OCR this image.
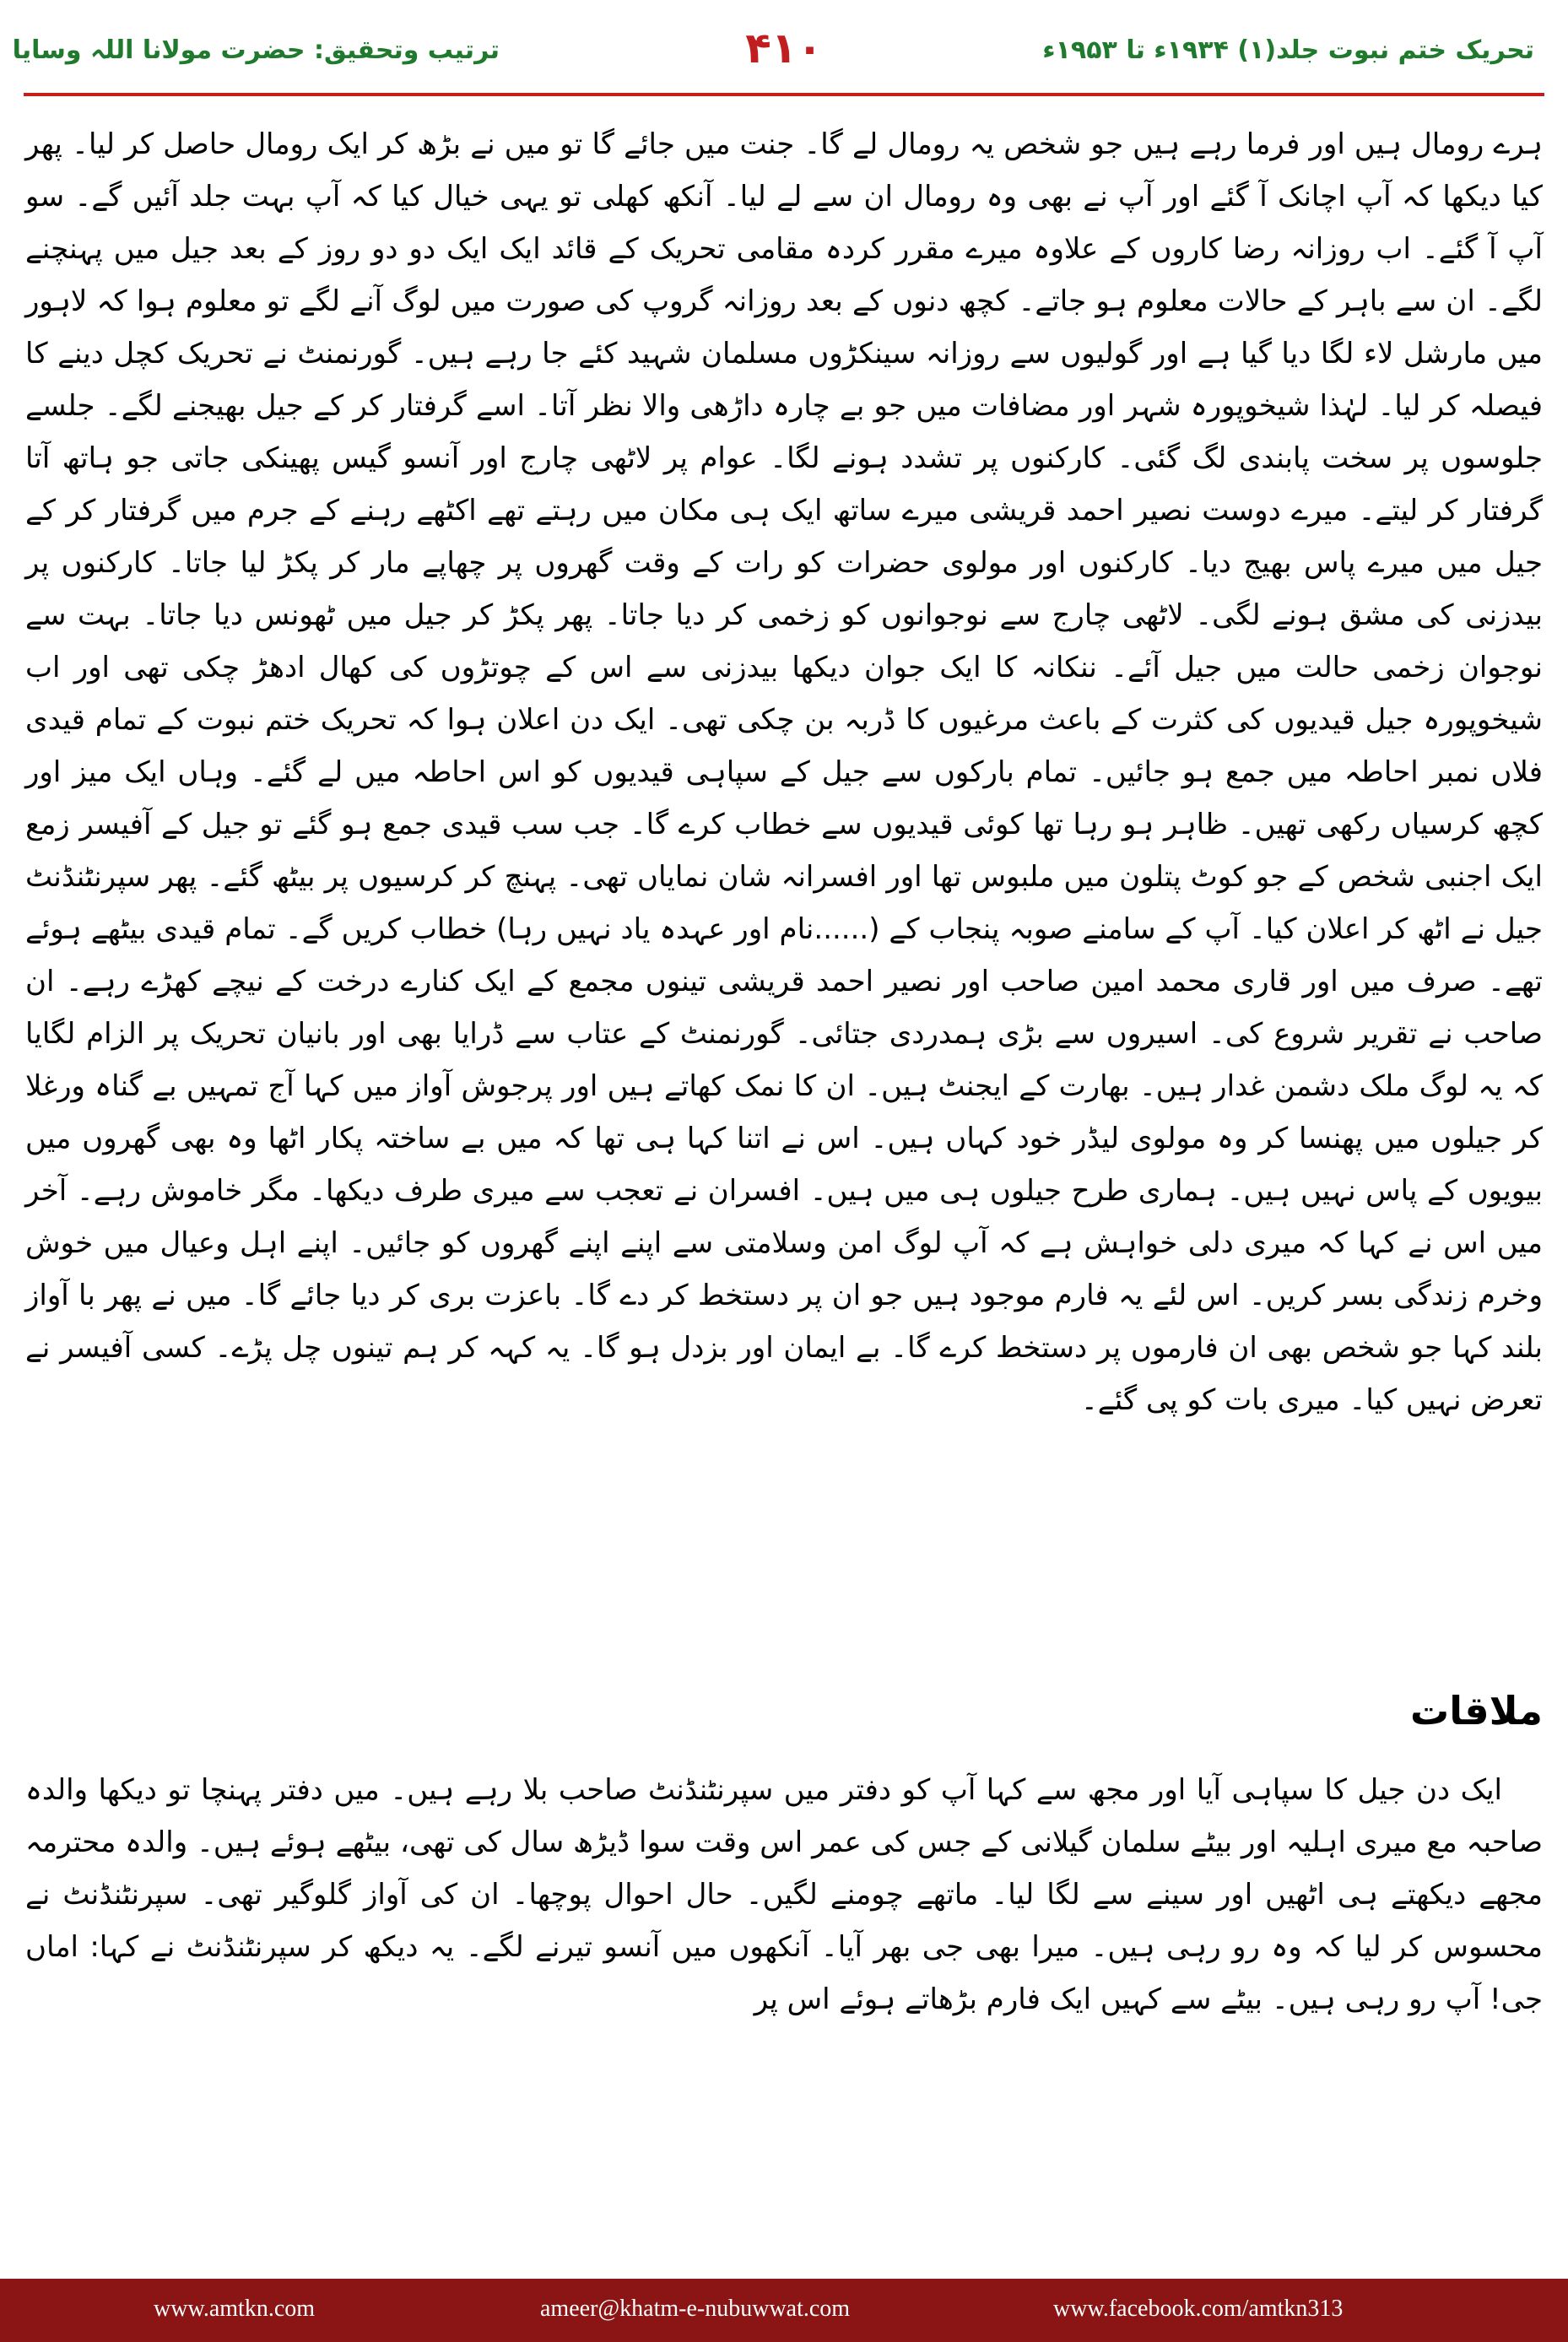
ترتیب وتحقیق: حضرت مولانا اللہ وسایا	۴۱۰	تحریک ختم نبوت جلد(۱) ۱۹۳۴ء تا ۱۹۵۳ء

ہرے رومال ہیں اور فرما رہے ہیں جو شخص یہ رومال لے گا۔ جنت میں جائے گا تو میں نے بڑھ کر ایک رومال حاصل کر لیا۔ پھر کیا دیکھا کہ آپ اچانک آ گئے اور آپ نے بھی وہ رومال ان سے لے لیا۔ آنکھ کھلی تو یہی خیال کیا کہ آپ بہت جلد آئیں گے۔ سو آپ آ گئے۔ اب روزانہ رضا کاروں کے علاوہ میرے مقرر کردہ مقامی تحریک کے قائد ایک ایک دو دو روز کے بعد جیل میں پہنچنے لگے۔ ان سے باہر کے حالات معلوم ہو جاتے۔ کچھ دنوں کے بعد روزانہ گروپ کی صورت میں لوگ آنے لگے تو معلوم ہوا کہ لاہور میں مارشل لاء لگا دیا گیا ہے اور گولیوں سے روزانہ سینکڑوں مسلمان شہید کئے جا رہے ہیں۔ گورنمنٹ نے تحریک کچل دینے کا فیصلہ کر لیا۔ لہٰذا شیخوپورہ شہر اور مضافات میں جو بے چارہ داڑھی والا نظر آتا۔ اسے گرفتار کر کے جیل بھیجنے لگے۔ جلسے جلوسوں پر سخت پابندی لگ گئی۔ کارکنوں پر تشدد ہونے لگا۔ عوام پر لاٹھی چارج اور آنسو گیس پھینکی جاتی جو ہاتھ آتا گرفتار کر لیتے۔ میرے دوست نصیر احمد قریشی میرے ساتھ ایک ہی مکان میں رہتے تھے اکٹھے رہنے کے جرم میں گرفتار کر کے جیل میں میرے پاس بھیج دیا۔ کارکنوں اور مولوی حضرات کو رات کے وقت گھروں پر چھاپے مار کر پکڑ لیا جاتا۔ کارکنوں پر بیدزنی کی مشق ہونے لگی۔ لاٹھی چارج سے نوجوانوں کو زخمی کر دیا جاتا۔ پھر پکڑ کر جیل میں ٹھونس دیا جاتا۔ بہت سے نوجوان زخمی حالت میں جیل آئے۔ ننکانہ کا ایک جوان دیکھا بیدزنی سے اس کے چوتڑوں کی کھال ادھڑ چکی تھی اور اب شیخوپورہ جیل قیدیوں کی کثرت کے باعث مرغیوں کا ڈربہ بن چکی تھی۔ ایک دن اعلان ہوا کہ تحریک ختم نبوت کے تمام قیدی فلاں نمبر احاطہ میں جمع ہو جائیں۔ تمام بارکوں سے جیل کے سپاہی قیدیوں کو اس احاطہ میں لے گئے۔ وہاں ایک میز اور کچھ کرسیاں رکھی تھیں۔ ظاہر ہو رہا تھا کوئی قیدیوں سے خطاب کرے گا۔ جب سب قیدی جمع ہو گئے تو جیل کے آفیسر زمع ایک اجنبی شخص کے جو کوٹ پتلون میں ملبوس تھا اور افسرانہ شان نمایاں تھی۔ پہنچ کر کرسیوں پر بیٹھ گئے۔ پھر سپرنٹنڈنٹ جیل نے اٹھ کر اعلان کیا۔ آپ کے سامنے صوبہ پنجاب کے (......نام اور عہدہ یاد نہیں رہا) خطاب کریں گے۔ تمام قیدی بیٹھے ہوئے تھے۔ صرف میں اور قاری محمد امین صاحب اور نصیر احمد قریشی تینوں مجمع کے ایک کنارے درخت کے نیچے کھڑے رہے۔ ان صاحب نے تقریر شروع کی۔ اسیروں سے بڑی ہمدردی جتائی۔ گورنمنٹ کے عتاب سے ڈرایا بھی اور بانیان تحریک پر الزام لگایا کہ یہ لوگ ملک دشمن غدار ہیں۔ بھارت کے ایجنٹ ہیں۔ ان کا نمک کھاتے ہیں اور پرجوش آواز میں کہا آج تمہیں بے گناہ ورغلا کر جیلوں میں پھنسا کر وہ مولوی لیڈر خود کہاں ہیں۔ اس نے اتنا کہا ہی تھا کہ میں بے ساختہ پکار اٹھا وہ بھی گھروں میں بیویوں کے پاس نہیں ہیں۔ ہماری طرح جیلوں ہی میں ہیں۔ افسران نے تعجب سے میری طرف دیکھا۔ مگر خاموش رہے۔ آخر میں اس نے کہا کہ میری دلی خواہش ہے کہ آپ لوگ امن وسلامتی سے اپنے اپنے گھروں کو جائیں۔ اپنے اہل وعیال میں خوش وخرم زندگی بسر کریں۔ اس لئے یہ فارم موجود ہیں جو ان پر دستخط کر دے گا۔ باعزت بری کر دیا جائے گا۔ میں نے پھر با آواز بلند کہا جو شخص بھی ان فارموں پر دستخط کرے گا۔ بے ایمان اور بزدل ہو گا۔ یہ کہہ کر ہم تینوں چل پڑے۔ کسی آفیسر نے تعرض نہیں کیا۔ میری بات کو پی گئے۔

ملاقات

ایک دن جیل کا سپاہی آیا اور مجھ سے کہا آپ کو دفتر میں سپرنٹنڈنٹ صاحب بلا رہے ہیں۔ میں دفتر پہنچا تو دیکھا والدہ صاحبہ مع میری اہلیہ اور بیٹے سلمان گیلانی کے جس کی عمر اس وقت سوا ڈیڑھ سال کی تھی، بیٹھے ہوئے ہیں۔ والدہ محترمہ مجھے دیکھتے ہی اٹھیں اور سینے سے لگا لیا۔ ماتھے چومنے لگیں۔ حال احوال پوچھا۔ ان کی آواز گلوگیر تھی۔ سپرنٹنڈنٹ نے محسوس کر لیا کہ وہ رو رہی ہیں۔ میرا بھی جی بھر آیا۔ آنکھوں میں آنسو تیرنے لگے۔ یہ دیکھ کر سپرنٹنڈنٹ نے کہا: اماں جی! آپ رو رہی ہیں۔ بیٹے سے کہیں ایک فارم بڑھاتے ہوئے اس پر

www.amtkn.com	ameer@khatm-e-nubuwwat.com	www.facebook.com/amtkn313
